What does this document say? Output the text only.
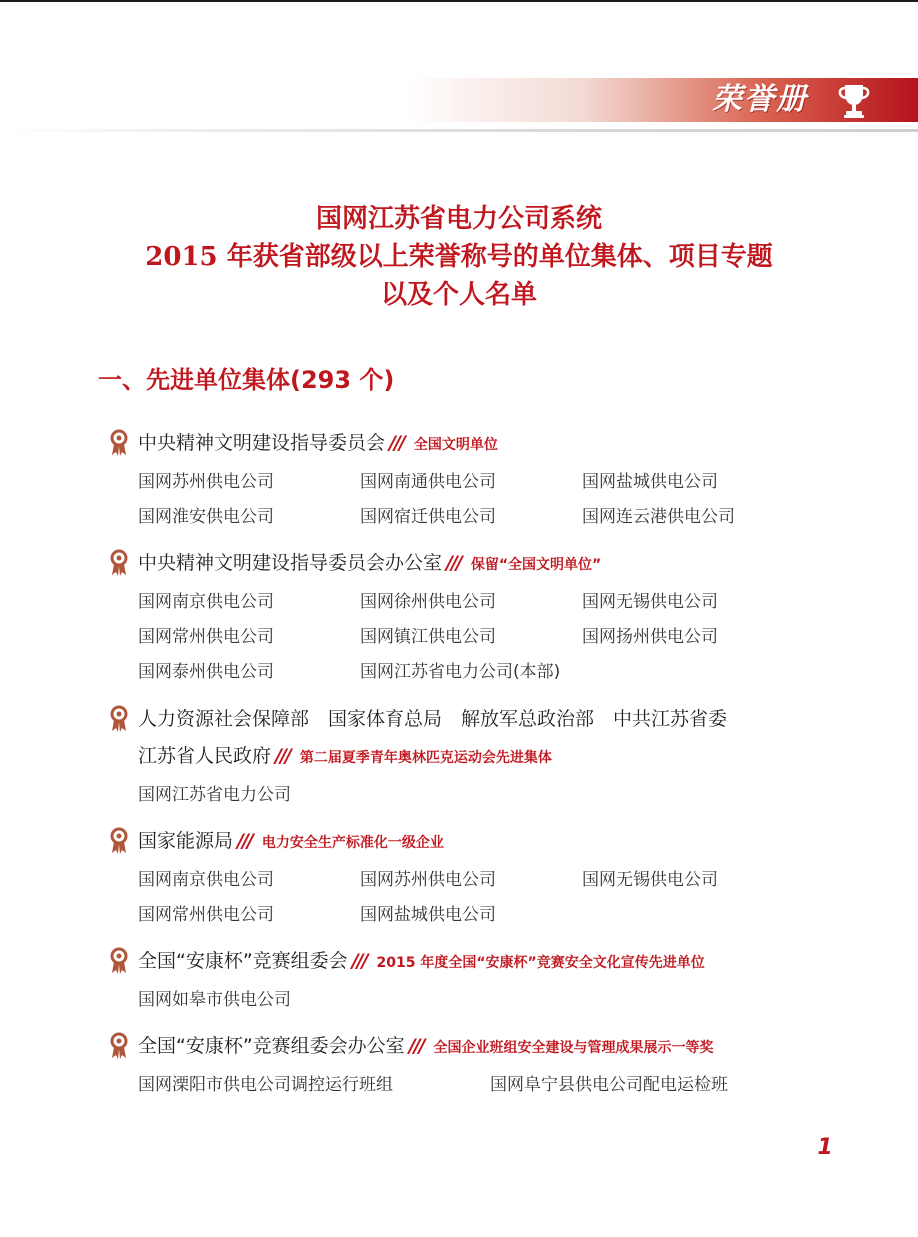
荣誉册
国网江苏省电力公司系统
2015 年获省部级以上荣誉称号的单位集体、项目专题
以及个人名单
一、先进单位集体(293 个)
中央精神文明建设指导委员会 /// 全国文明单位
国网苏州供电公司	国网南通供电公司	国网盐城供电公司
国网淮安供电公司	国网宿迁供电公司	国网连云港供电公司
中央精神文明建设指导委员会办公室 /// 保留“全国文明单位”
国网南京供电公司	国网徐州供电公司	国网无锡供电公司
国网常州供电公司	国网镇江供电公司	国网扬州供电公司
国网泰州供电公司	国网江苏省电力公司(本部)
人力资源社会保障部　国家体育总局　解放军总政治部　中共江苏省委
江苏省人民政府 /// 第二届夏季青年奥林匹克运动会先进集体
国网江苏省电力公司
国家能源局 /// 电力安全生产标准化一级企业
国网南京供电公司	国网苏州供电公司	国网无锡供电公司
国网常州供电公司	国网盐城供电公司
全国“安康杯”竞赛组委会 /// 2015 年度全国“安康杯”竞赛安全文化宣传先进单位
国网如皋市供电公司
全国“安康杯”竞赛组委会办公室 /// 全国企业班组安全建设与管理成果展示一等奖
国网溧阳市供电公司调控运行班组	国网阜宁县供电公司配电运检班
1
